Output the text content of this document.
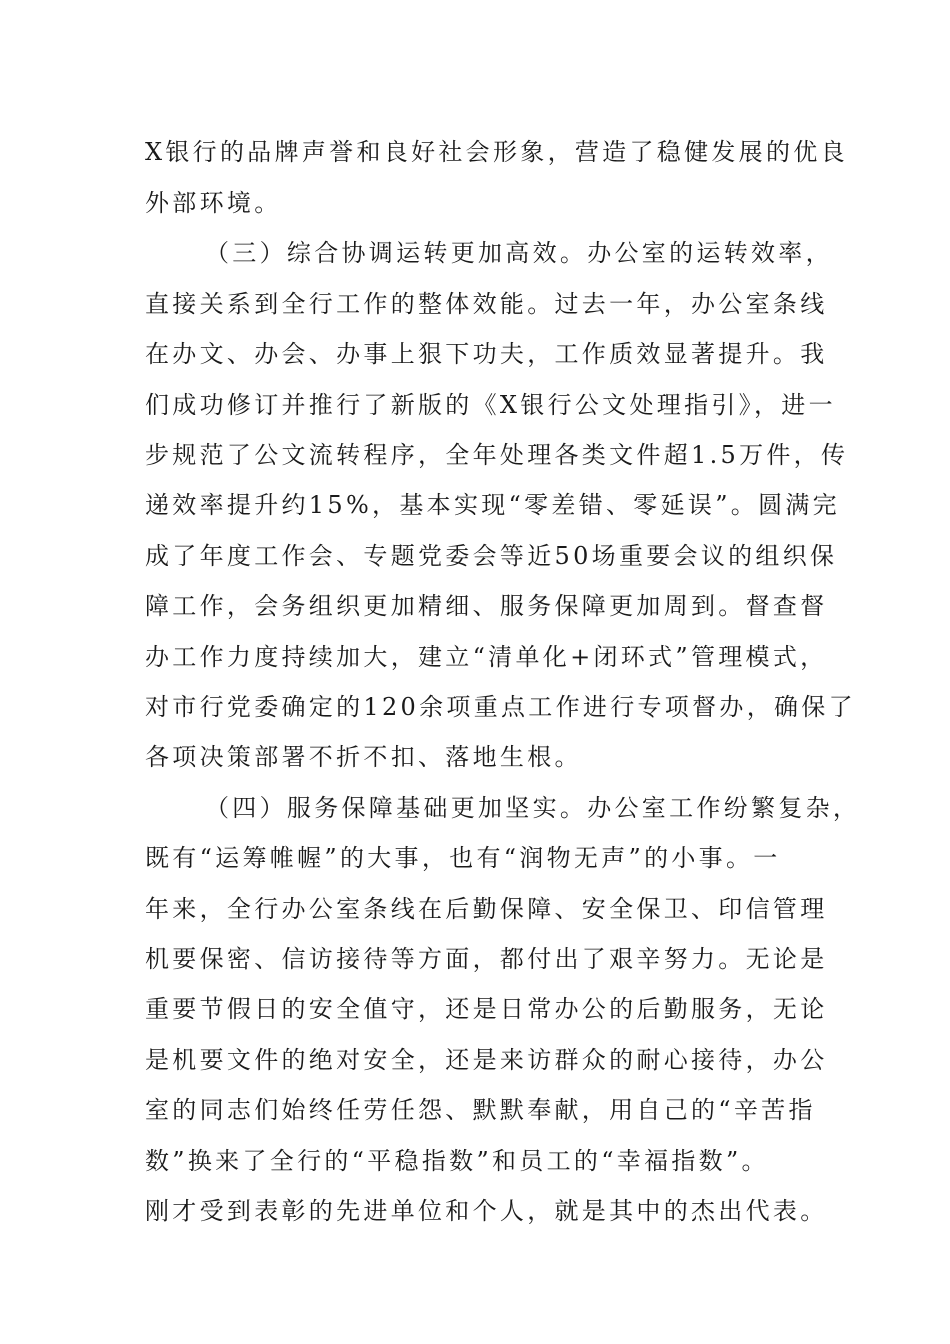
X银行的品牌声誉和良好社会形象，营造了稳健发展的优良
外部环境。
（三）综合协调运转更加高效。办公室的运转效率，
直接关系到全行工作的整体效能。过去一年，办公室条线
在办文、办会、办事上狠下功夫，工作质效显著提升。我
们成功修订并推行了新版的《X银行公文处理指引》，进一
步规范了公文流转程序，全年处理各类文件超1.5万件，传
递效率提升约15%，基本实现“零差错、零延误”。圆满完
成了年度工作会、专题党委会等近50场重要会议的组织保
障工作，会务组织更加精细、服务保障更加周到。督查督
办工作力度持续加大，建立“清单化+闭环式”管理模式，
对市行党委确定的120余项重点工作进行专项督办，确保了
各项决策部署不折不扣、落地生根。
（四）服务保障基础更加坚实。办公室工作纷繁复杂，
既有“运筹帷幄”的大事，也有“润物无声”的小事。一
年来，全行办公室条线在后勤保障、安全保卫、印信管理
机要保密、信访接待等方面，都付出了艰辛努力。无论是
重要节假日的安全值守，还是日常办公的后勤服务，无论
是机要文件的绝对安全，还是来访群众的耐心接待，办公
室的同志们始终任劳任怨、默默奉献，用自己的“辛苦指
数”换来了全行的“平稳指数”和员工的“幸福指数”。
刚才受到表彰的先进单位和个人，就是其中的杰出代表。
